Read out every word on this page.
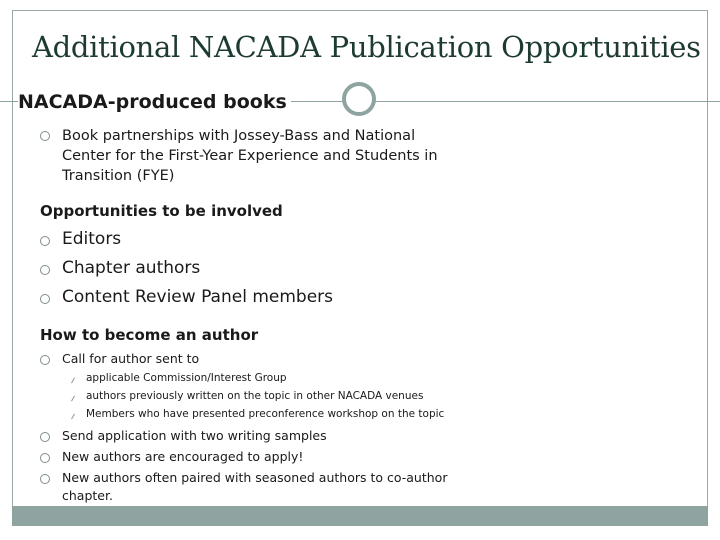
Additional NACADA Publication Opportunities
NACADA-produced books
Book partnerships with Jossey-Bass and National
Center for the First-Year Experience and Students in
Transition (FYE)
Opportunities to be involved
Editors
Chapter authors
Content Review Panel members
How to become an author
Call for author sent to
applicable Commission/Interest Group
authors previously written on the topic in other NACADA venues
Members who have presented preconference workshop on the topic
Send application with two writing samples
New authors are encouraged to apply!
New authors often paired with seasoned authors to co-author
chapter.
